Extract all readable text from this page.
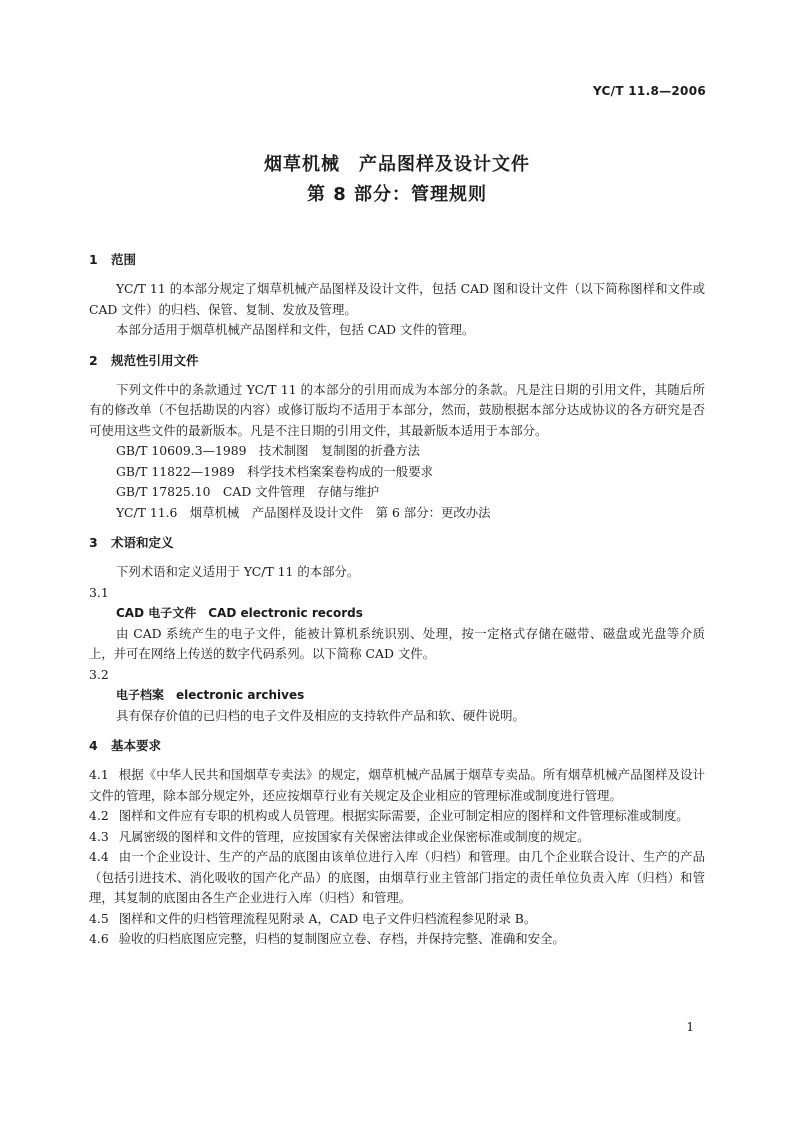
YC/T 11.8—2006
烟草机械　产品图样及设计文件
第 8 部分：管理规则
1 范围

YC/T 11 的本部分规定了烟草机械产品图样及设计文件，包括 CAD 图和设计文件（以下简称图样和文件或 CAD 文件）的归档、保管、复制、发放及管理。

本部分适用于烟草机械产品图样和文件，包括 CAD 文件的管理。

2 规范性引用文件

下列文件中的条款通过 YC/T 11 的本部分的引用而成为本部分的条款。凡是注日期的引用文件，其随后所有的修改单（不包括勘误的内容）或修订版均不适用于本部分，然而，鼓励根据本部分达成协议的各方研究是否可使用这些文件的最新版本。凡是不注日期的引用文件，其最新版本适用于本部分。

GB/T 10609.3—1989　技术制图　复制图的折叠方法

GB/T 11822—1989　科学技术档案案卷构成的一般要求

GB/T 17825.10　CAD 文件管理　存储与维护

YC/T 11.6　烟草机械　产品图样及设计文件　第 6 部分：更改办法

3 术语和定义

下列术语和定义适用于 YC/T 11 的本部分。

3.1

CAD 电子文件　CAD electronic records

由 CAD 系统产生的电子文件，能被计算机系统识别、处理，按一定格式存储在磁带、磁盘或光盘等介质上，并可在网络上传送的数字代码系列。以下简称 CAD 文件。

3.2

电子档案　electronic archives

具有保存价值的已归档的电子文件及相应的支持软件产品和软、硬件说明。

4 基本要求

4.1 根据《中华人民共和国烟草专卖法》的规定，烟草机械产品属于烟草专卖品。所有烟草机械产品图样及设计文件的管理，除本部分规定外，还应按烟草行业有关规定及企业相应的管理标准或制度进行管理。

4.2 图样和文件应有专职的机构或人员管理。根据实际需要，企业可制定相应的图样和文件管理标准或制度。

4.3 凡属密级的图样和文件的管理，应按国家有关保密法律或企业保密标准或制度的规定。

4.4 由一个企业设计、生产的产品的底图由该单位进行入库（归档）和管理。由几个企业联合设计、生产的产品（包括引进技术、消化吸收的国产化产品）的底图，由烟草行业主管部门指定的责任单位负责入库（归档）和管理，其复制的底图由各生产企业进行入库（归档）和管理。

4.5 图样和文件的归档管理流程见附录 A，CAD 电子文件归档流程参见附录 B。

4.6 验收的归档底图应完整，归档的复制图应立卷、存档，并保持完整、准确和安全。

1
